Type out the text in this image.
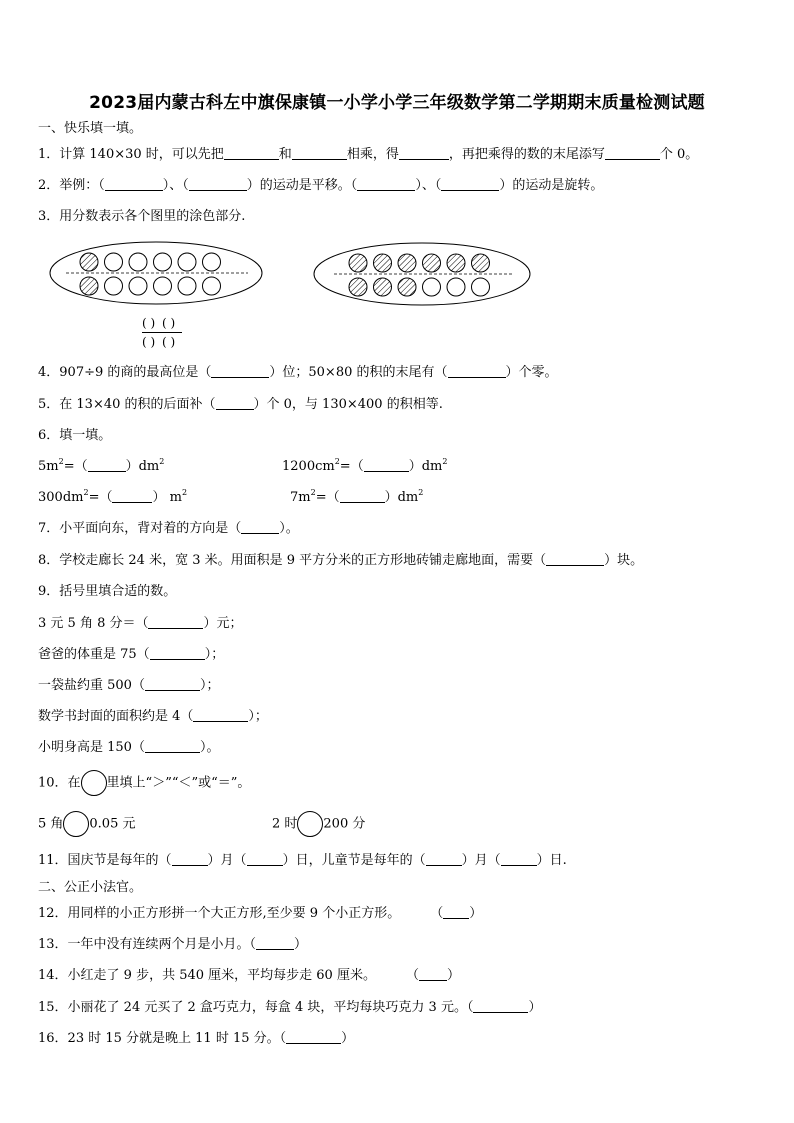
2023届内蒙古科左中旗保康镇一小学小学三年级数学第二学期期末质量检测试题
一、快乐填一填。
1．计算 140×30 时，可以先把	和	相乘，得	，再把乘得的数的末尾添写	个 0。
2．举例：（	）、（	）的运动是平移。（	）、（	）的运动是旋转。
3．用分数表示各个图里的涂色部分.
( ) ( )
( ) ( )
4．907÷9 的商的最高位是（	）位；50×80 的积的末尾有（	）个零。
5．在 13×40 的积的后面补（	）个 0，与 130×400 的积相等.
6．填一填。
$5m^2=$（	）$dm^2$	$1200cm^2=$（	）$dm^2$
$300dm^2=$（	） $m^2$	$7m^2=$（	）$dm^2$
7．小平面向东，背对着的方向是（	）。
8．学校走廊长 24 米，宽 3 米。用面积是 9 平方分米的正方形地砖铺走廊地面，需要（	）块。
9．括号里填合适的数。
3 元 5 角 8 分＝（	）元；
爸爸的体重是 75（	）；
一袋盐约重 500（	）；
数学书封面的面积约是 4（	）；
小明身高是 150（	）。
10．在 里填上“＞”“＜”或“＝”。
5 角 0.05 元	2 时 200 分
11．国庆节是每年的（	）月（	）日，儿童节是每年的（	）月（	）日.
二、公正小法官。
12．用同样的小正方形拼一个大正方形,至少要 9 个小正方形。 （ ）
13．一年中没有连续两个月是小月。（	）
14．小红走了 9 步，共 540 厘米，平均每步走 60 厘米。 （ ）
15．小丽花了 24 元买了 2 盒巧克力，每盒 4 块，平均每块巧克力 3 元。（	）
16．23 时 15 分就是晚上 11 时 15 分。（	）
